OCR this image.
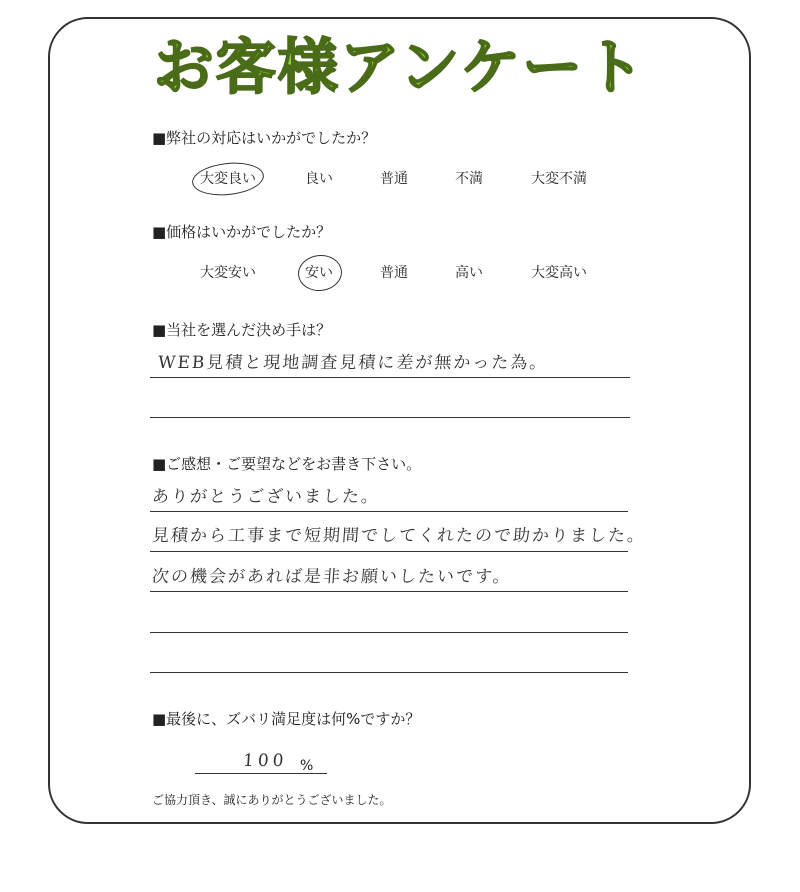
お客様アンケート
■弊社の対応はいかがでしたか？
大変良い	良い	普通	不満	大変不満
■価格はいかがでしたか？
大変安い	安い	普通	高い	大変高い
■当社を選んだ決め手は？
WEB見積と現地調査見積に差が無かった為。
■ご感想・ご要望などをお書き下さい。
ありがとうございました。
見積から工事まで短期間でしてくれたので助かりました。
次の機会があれば是非お願いしたいです。
■最後に、ズバリ満足度は何%ですか？
100 %
ご協力頂き、誠にありがとうございました。
